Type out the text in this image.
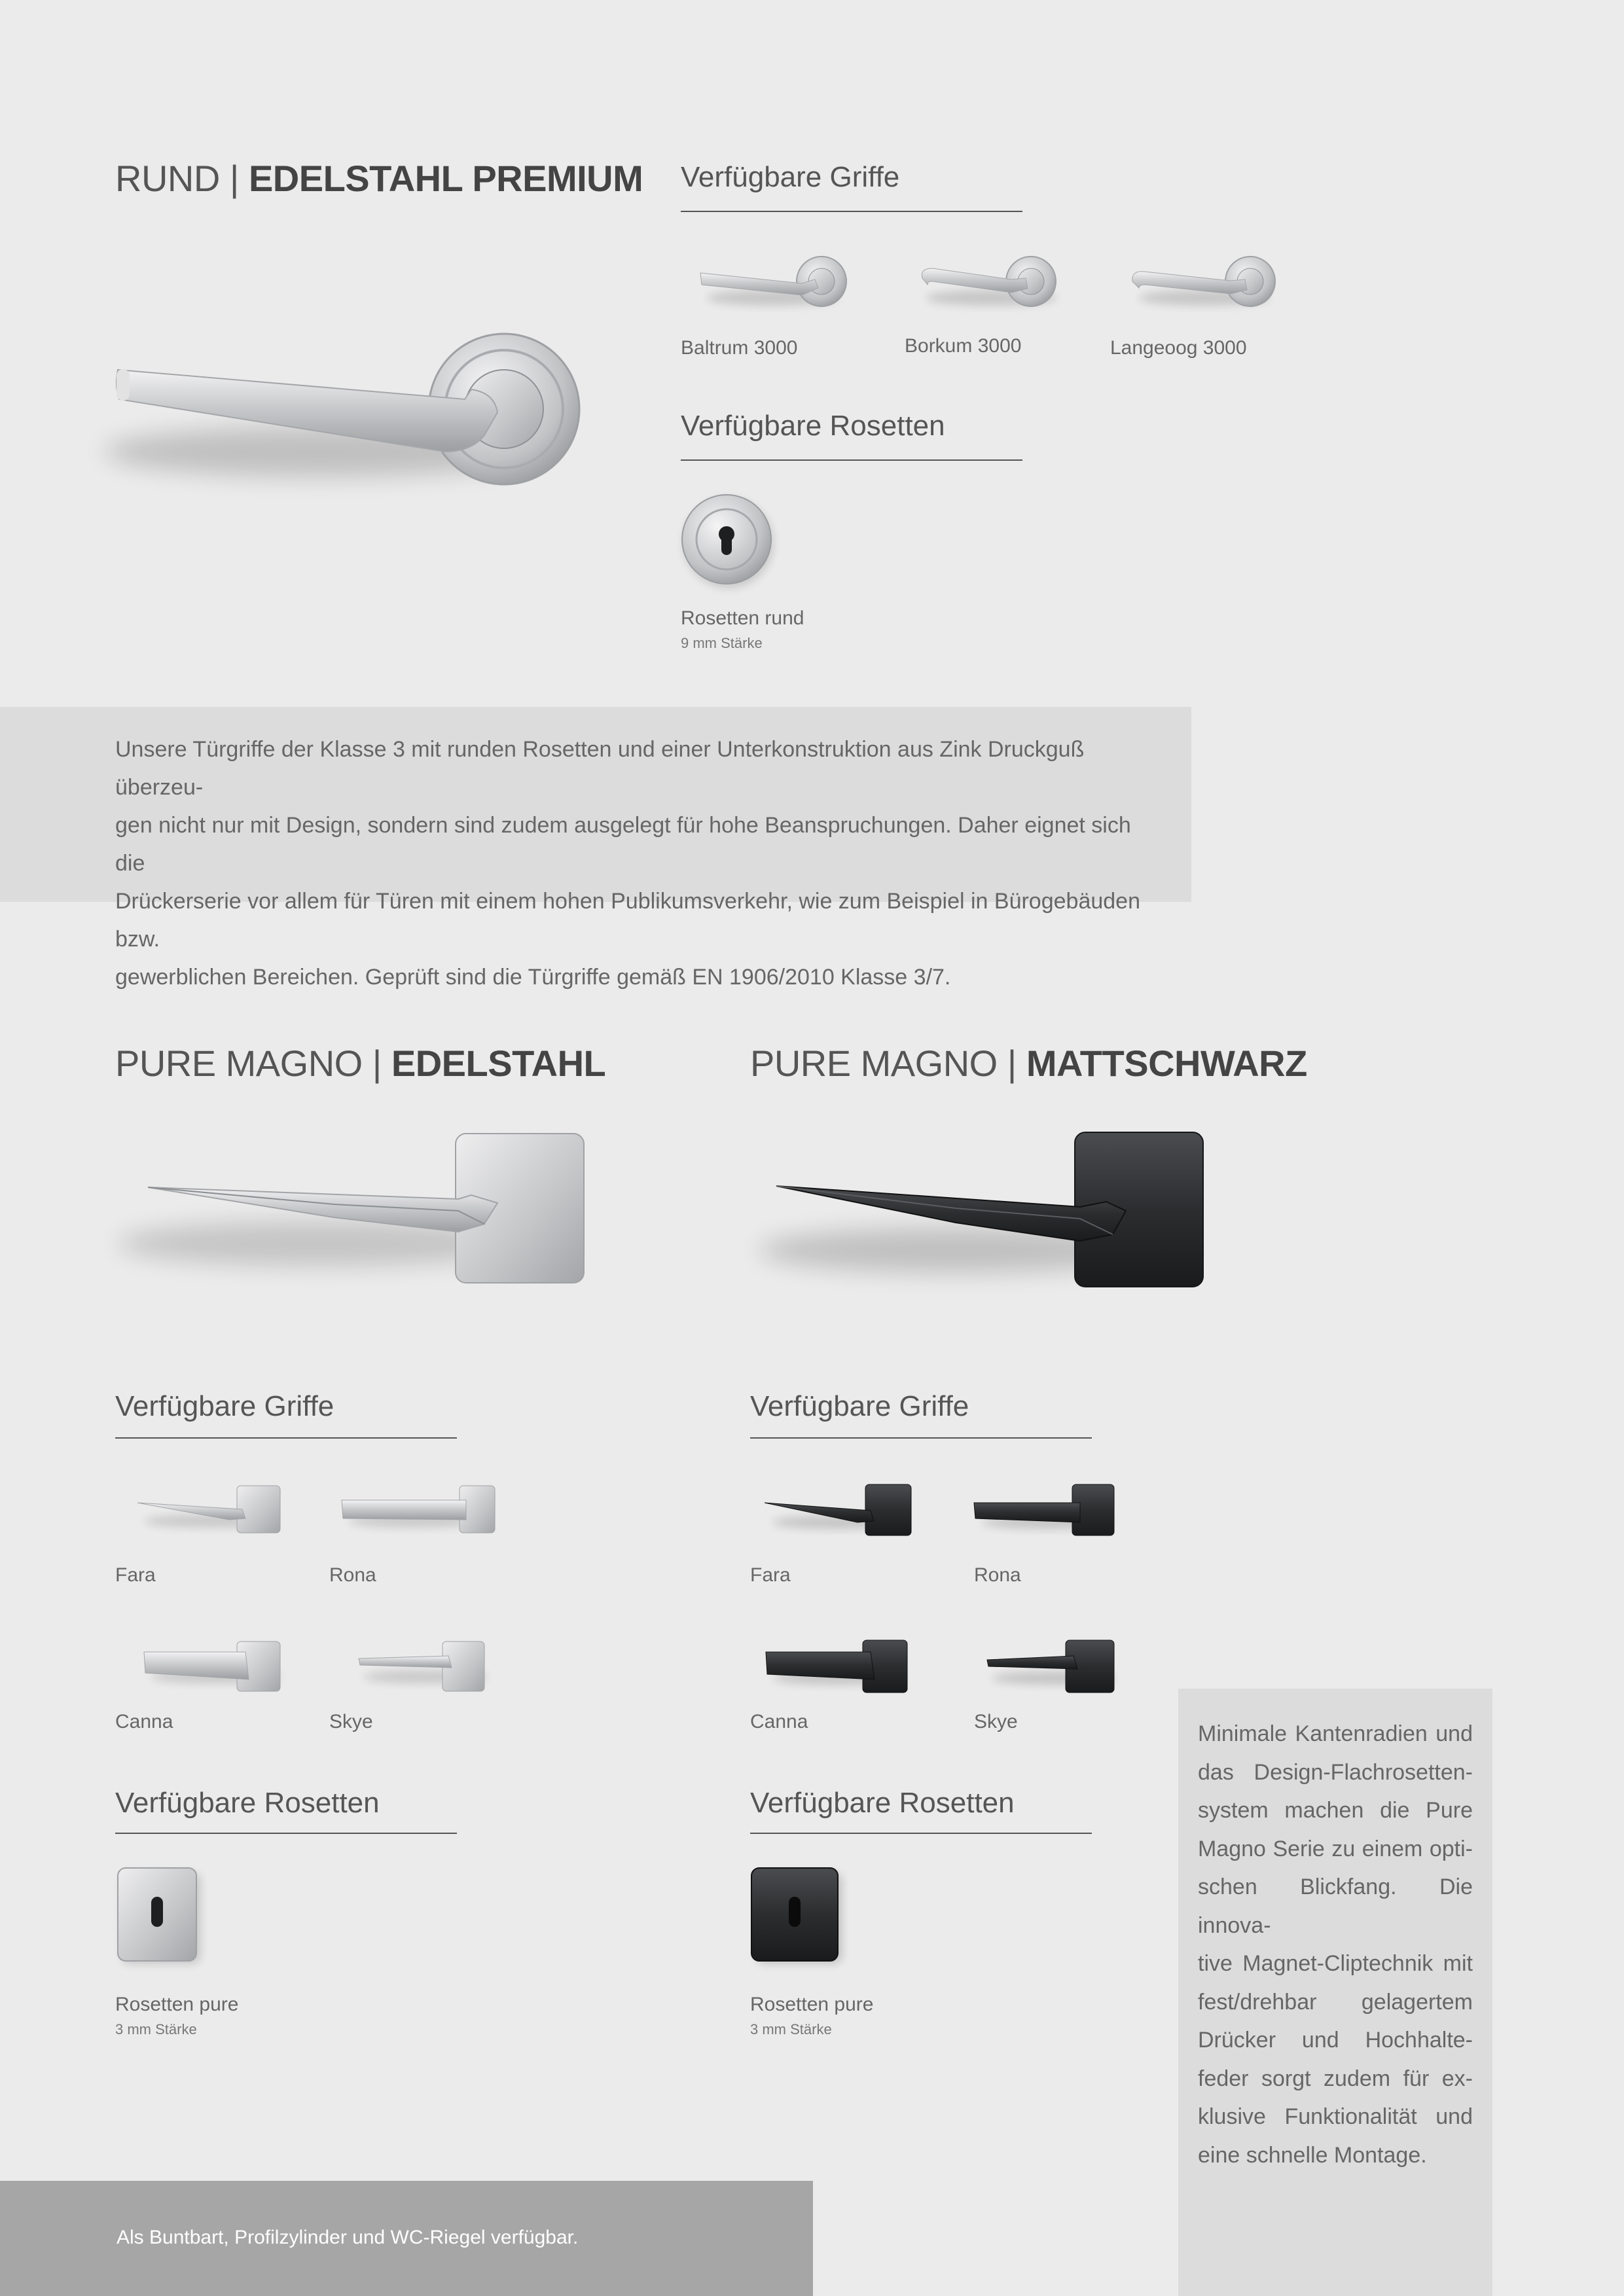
RUND | EDELSTAHL PREMIUM Verfügbare Griffe
Baltrum 3000	Borkum 3000	Langeoog 3000
Verfügbare Rosetten
Rosetten rund
9 mm Stärke
Unsere Türgriffe der Klasse 3 mit runden Rosetten und einer Unterkonstruktion aus Zink Druckguß überzeu-
gen nicht nur mit Design, sondern sind zudem ausgelegt für hohe Beanspruchungen. Daher eignet sich die
Drückerserie vor allem für Türen mit einem hohen Publikumsverkehr, wie zum Beispiel in Bürogebäuden bzw.
gewerblichen Bereichen. Geprüft sind die Türgriffe gemäß EN 1906/2010 Klasse 3/7.
PURE MAGNO | EDELSTAHL
Verfügbare Griffe
Fara	Rona
Canna	Skye
Verfügbare Rosetten
Rosetten pure
3 mm Stärke
PURE MAGNO | MATTSCHWARZ
Verfügbare Griffe
Fara	Rona
Canna	Skye
Verfügbare Rosetten
Rosetten pure
3 mm Stärke
Minimale Kantenradien und
das Design-Flachrosetten-
system machen die Pure
Magno Serie zu einem opti-
schen Blickfang. Die innova-
tive Magnet-Cliptechnik mit
fest/drehbar gelagertem
Drücker und Hochhalte-
feder sorgt zudem für ex-
klusive Funktionalität und
eine schnelle Montage.
Als Buntbart, Profilzylinder und WC-Riegel verfügbar.
